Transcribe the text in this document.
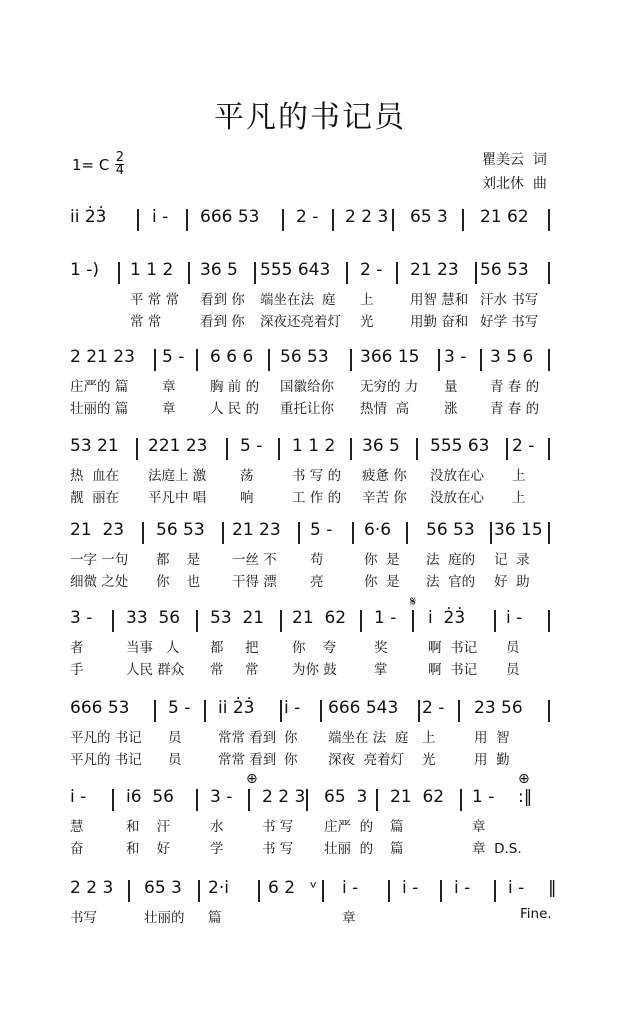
平凡的书记员
1= C 2
4
瞿美云  词
刘北休  曲
i̇i̇ 2̇3̇	i̇ - 666 53 2 - 2 2 3 65 3 21 62
1 -) 1 1 2 36 5 555 643 2 - 21 23 56 53
平 常 常 看到 你 端坐在法 庭 上	用智 慧和 汗水 书写
常 常	看到 你 深夜还亮着灯 光	用勤 奋和 好学 书写
2 21 23 5 - 6 6 6 56 53 366 15 3 - 3 5 6
庄严的 篇 章	胸 前 的 国徽给你 无穷的 力 量 青 春 的
壮丽的 篇 章	人 民 的 重托让你 热情  高	涨 青 春 的
53 21 221 23 5 - 1 1 2 36 5 555 63 2 -
热  血在 法庭上 激 荡	书 写 的 疲惫 你 没放在心 上
靓  丽在 平凡中 唱 响	工 作 的 辛苦 你 没放在心 上
21  23 56 53 21 23 5 - 6·6 56 53 36 15
一字 一句 都    是 一丝 不 苟	你  是 法  庭的 记  录
细微 之处 你    也 干得 漂 亮	你  是 法  官的 好  助
3 - 33  56 53  21 21  62 1 - i̇  2̇3̇ i̇ -
𝄋
者	当事   人 都     把 你    夸	奖	啊  书记 员
手	人民 群众 常     常 为你 鼓	掌	啊  书记 员
666 53 5 - i̇i̇ 2̇3̇ i̇ - 666 543 2 - 23 56
平凡的 书记 员	常常 看到 你 端坐在 法  庭 上	用  智
平凡的 书记 员	常常 看到 你 深夜  亮着灯 光	用  勤
i̇ - i̇6  56 3 - 2 2 3 65  3 21  62 1 - :‖
⊕	⊕
慧	和    汗	水	书 写 庄严  的 篇	章
奋	和    好	学	书 写 壮丽  的 篇	章  D.S.
2 2 3 65 3 2·i̇ 6 2 ᵛ i̇ -	i̇ - i̇ - i̇ - ‖
书写	壮丽的 篇	章	Fine.
